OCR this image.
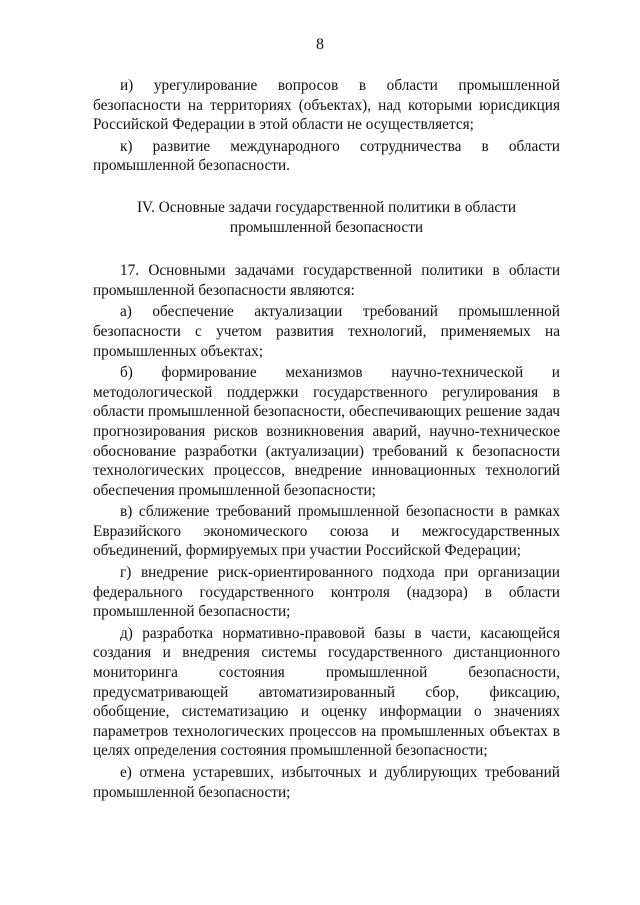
8

и) урегулирование вопросов в области промышленной безопасности на территориях (объектах), над которыми юрисдикция Российской Федерации в этой области не осуществляется;

к) развитие международного сотрудничества в области промышленной безопасности.

IV. Основные задачи государственной политики в области
промышленной безопасности

17. Основными задачами государственной политики в области промышленной безопасности являются:

а) обеспечение актуализации требований промышленной безопасности с учетом развития технологий, применяемых на промышленных объектах;

б) формирование механизмов научно-технической и методологической поддержки государственного регулирования в области промышленной безопасности, обеспечивающих решение задач прогнозирования рисков возникновения аварий, научно-техническое обоснование разработки (актуализации) требований к безопасности технологических процессов, внедрение инновационных технологий обеспечения промышленной безопасности;

в) сближение требований промышленной безопасности в рамках Евразийского экономического союза и межгосударственных объединений, формируемых при участии Российской Федерации;

г) внедрение риск-ориентированного подхода при организации федерального государственного контроля (надзора) в области промышленной безопасности;

д) разработка нормативно-правовой базы в части, касающейся создания и внедрения системы государственного дистанционного мониторинга состояния промышленной безопасности, предусматривающей автоматизированный сбор, фиксацию, обобщение, систематизацию и оценку информации о значениях параметров технологических процессов на промышленных объектах в целях определения состояния промышленной безопасности;

е) отмена устаревших, избыточных и дублирующих требований промышленной безопасности;
